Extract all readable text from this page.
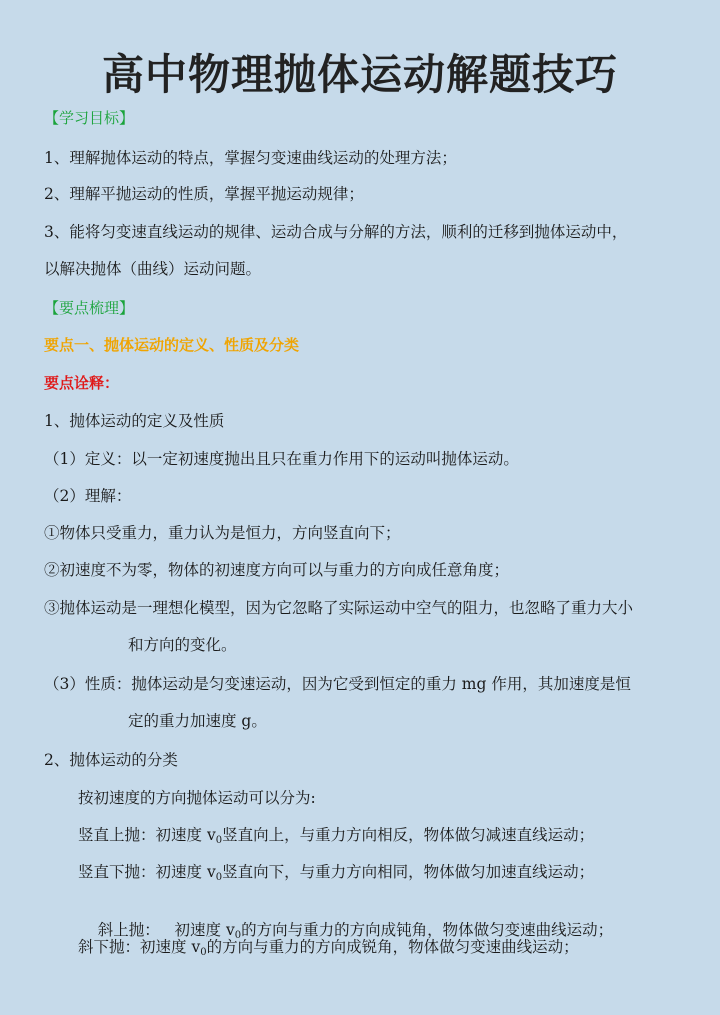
高中物理抛体运动解题技巧

【学习目标】

1、理解抛体运动的特点，掌握匀变速曲线运动的处理方法；

2、理解平抛运动的性质，掌握平抛运动规律；

3、能将匀变速直线运动的规律、运动合成与分解的方法，顺利的迁移到抛体运动中，

以解决抛体（曲线）运动问题。

【要点梳理】

要点一、抛体运动的定义、性质及分类

要点诠释：

1、抛体运动的定义及性质

（1）定义：以一定初速度抛出且只在重力作用下的运动叫抛体运动。

（2）理解：

①物体只受重力，重力认为是恒力，方向竖直向下；

②初速度不为零，物体的初速度方向可以与重力的方向成任意角度；

③抛体运动是一理想化模型，因为它忽略了实际运动中空气的阻力，也忽略了重力大小

和方向的变化。

（3）性质：抛体运动是匀变速运动，因为它受到恒定的重力 mg 作用，其加速度是恒

定的重力加速度 g。

2、抛体运动的分类

按初速度的方向抛体运动可以分为:

竖直上抛：初速度 v0竖直向上，与重力方向相反，物体做匀减速直线运动；

竖直下抛：初速度 v0竖直向下，与重力方向相同，物体做匀加速直线运动；

斜上抛：   初速度 v0的方向与重力的方向成钝角，物体做匀变速曲线运动；

斜下抛：初速度 v0的方向与重力的方向成锐角，物体做匀变速曲线运动；
